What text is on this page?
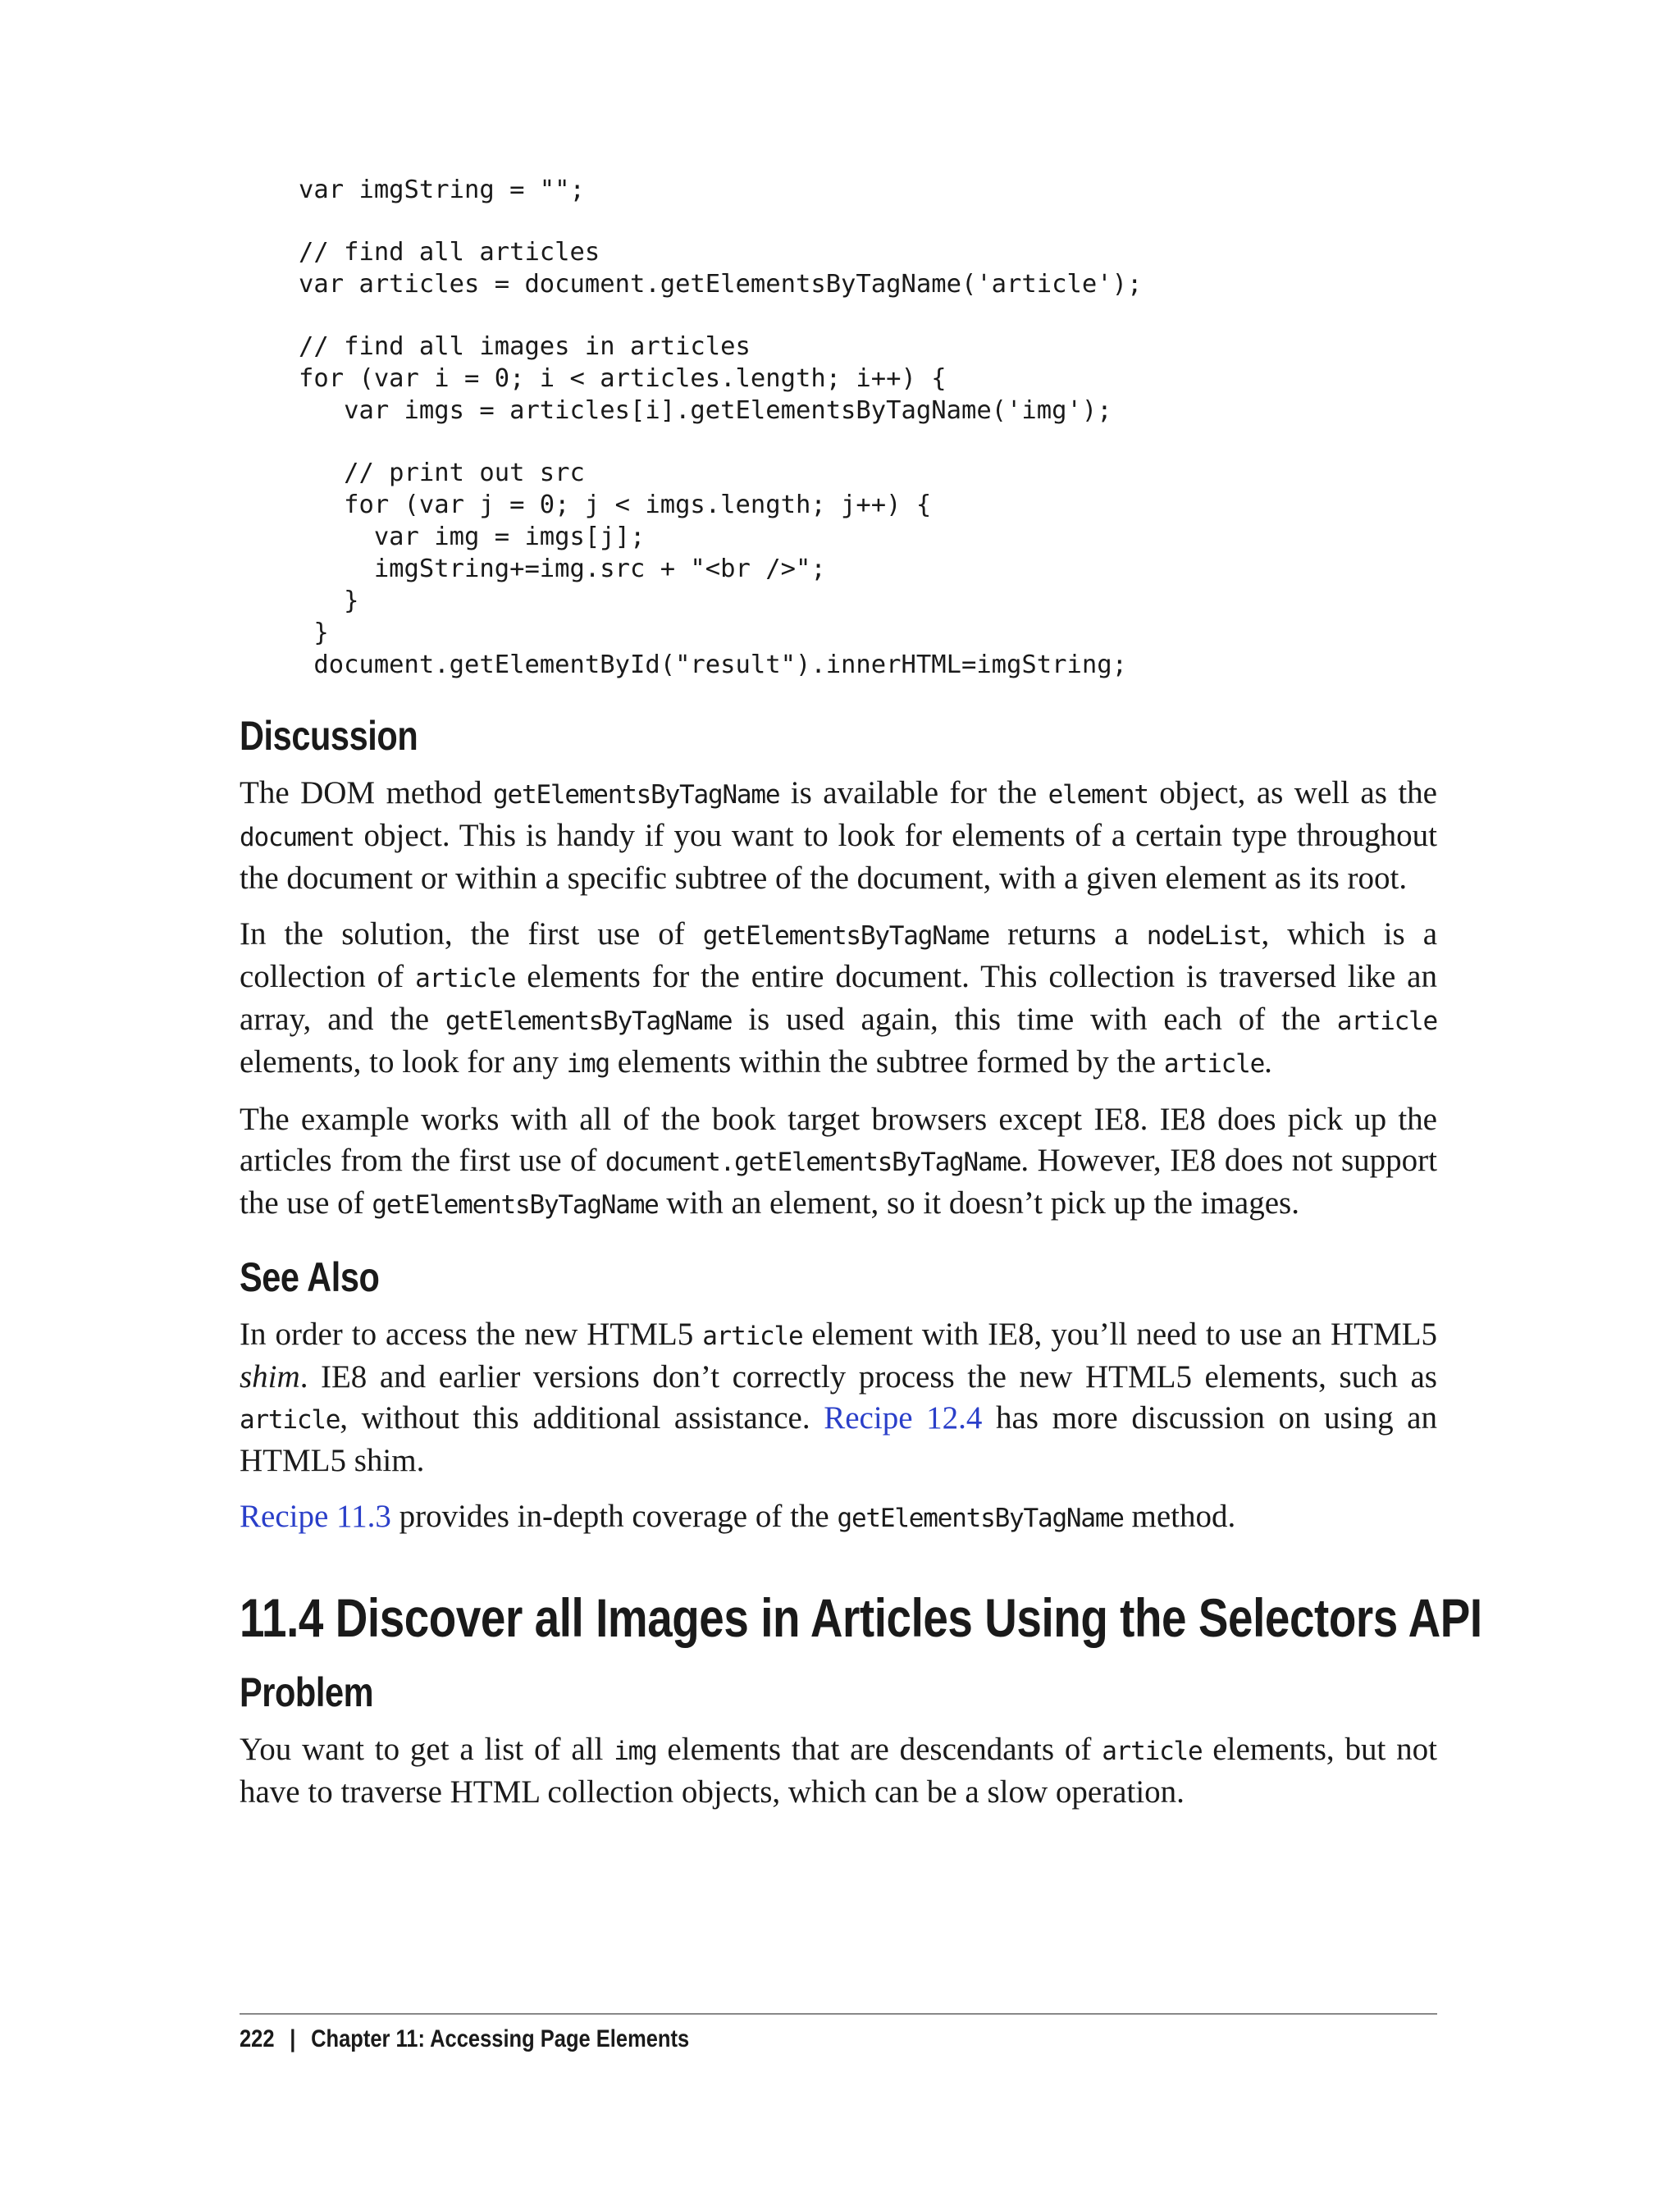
var imgString = "";
// find all articles
var articles = document.getElementsByTagName('article');
// find all images in articles
for (var i = 0; i < articles.length; i++) {
var imgs = articles[i].getElementsByTagName('img');
// print out src
for (var j = 0; j < imgs.length; j++) {
var img = imgs[j];
imgString+=img.src + "<br />";
}
}
document.getElementById("result").innerHTML=imgString;
Discussion

The DOM method getElementsByTagName is available for the element object, as well as the document object. This is handy if you want to look for elements of a certain type throughout the document or within a specific subtree of the document, with a given element as its root.

In the solution, the first use of getElementsByTagName returns a nodeList, which is a collection of article elements for the entire document. This collection is traversed like an array, and the getElementsByTagName is used again, this time with each of the article elements, to look for any img elements within the subtree formed by the article.

The example works with all of the book target browsers except IE8. IE8 does pick up the articles from the first use of document.getElementsByTagName. However, IE8 does not support the use of getElementsByTagName with an element, so it doesn’t pick up the images.

See Also

In order to access the new HTML5 article element with IE8, you’ll need to use an HTML5 shim. IE8 and earlier versions don’t correctly process the new HTML5 elements, such as article, without this additional assistance. Recipe 12.4 has more discussion on using an HTML5 shim.

Recipe 11.3 provides in-depth coverage of the getElementsByTagName method.

11.4 Discover all Images in Articles Using the Selectors API
Problem

You want to get a list of all img elements that are descendants of article elements, but not have to traverse HTML collection objects, which can be a slow operation.

222 | Chapter 11: Accessing Page Elements
